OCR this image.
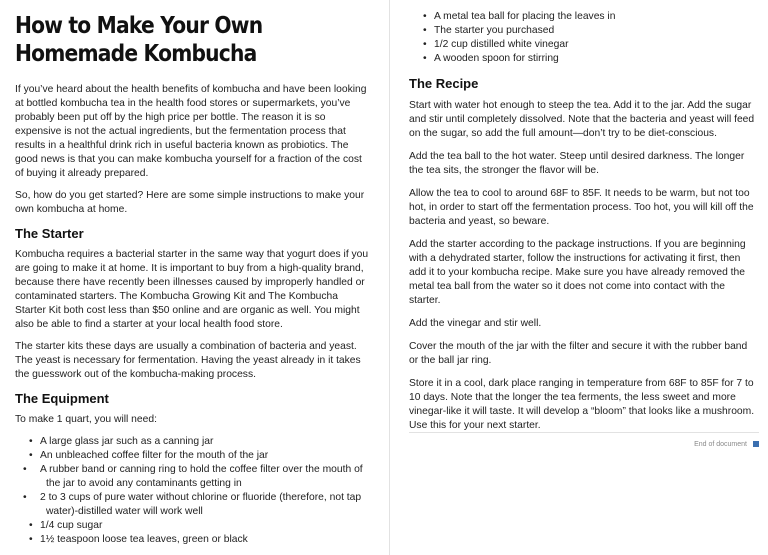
How to Make Your Own Homemade Kombucha

If you’ve heard about the health benefits of kombucha and have been looking at bottled kombucha tea in the health food stores or supermarkets, you’ve probably been put off by the high price per bottle. The reason it is so expensive is not the actual ingredients, but the fermentation process that results in a healthful drink rich in useful bacteria known as probiotics. The good news is that you can make kombucha yourself for a fraction of the cost of buying it already prepared.

So, how do you get started? Here are some simple instructions to make your own kombucha at home.

The Starter

Kombucha requires a bacterial starter in the same way that yogurt does if you are going to make it at home. It is important to buy from a high-quality brand, because there have recently been illnesses caused by improperly handled or contaminated starters. The Kombucha Growing Kit and The Kombucha Starter Kit both cost less than $50 online and are organic as well. You might also be able to find a starter at your local health food store.

The starter kits these days are usually a combination of bacteria and yeast. The yeast is necessary for fermentation. Having the yeast already in it takes the guesswork out of the kombucha-making process.

The Equipment

To make 1 quart, you will need:

• A large glass jar such as a canning jar
• An unbleached coffee filter for the mouth of the jar
• A rubber band or canning ring to hold the coffee filter over the mouth of the jar to avoid any contaminants getting in
• 2 to 3 cups of pure water without chlorine or fluoride (therefore, not tap water)-distilled water will work well
• 1/4 cup sugar
• 1½ teaspoon loose tea leaves, green or black
• A metal tea ball for placing the leaves in
• The starter you purchased
• 1/2 cup distilled white vinegar
• A wooden spoon for stirring
The Recipe

Start with water hot enough to steep the tea. Add it to the jar. Add the sugar and stir until completely dissolved. Note that the bacteria and yeast will feed on the sugar, so add the full amount—don’t try to be diet-conscious.

Add the tea ball to the hot water. Steep until desired darkness. The longer the tea sits, the stronger the flavor will be.

Allow the tea to cool to around 68F to 85F. It needs to be warm, but not too hot, in order to start off the fermentation process. Too hot, you will kill off the bacteria and yeast, so beware.

Add the starter according to the package instructions. If you are beginning with a dehydrated starter, follow the instructions for activating it first, then add it to your kombucha recipe. Make sure you have already removed the metal tea ball from the water so it does not come into contact with the starter.

Add the vinegar and stir well.

Cover the mouth of the jar with the filter and secure it with the rubber band or the ball jar ring.

Store it in a cool, dark place ranging in temperature from 68F to 85F for 7 to 10 days. Note that the longer the tea ferments, the less sweet and more vinegar-like it will taste. It will develop a “bloom” that looks like a mushroom. Use this for your next starter.

End of document
